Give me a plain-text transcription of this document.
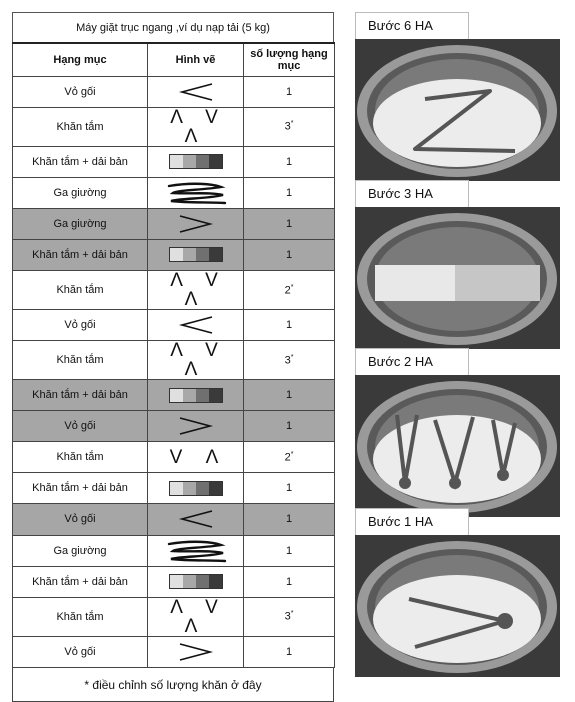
Máy giặt trục ngang ,ví dụ nạp tải (5 kg)
Hạng mục	Hình vẽ	số lượng hạng mục
Vỏ gối		1
Khăn tắm	Λ V Λ	3*
Khăn tắm + dải bản		1
Ga giường		1
Ga giường		1
Khăn tắm + dải bản		1
Khăn tắm	Λ V Λ	2*
Vỏ gối		1
Khăn tắm	Λ V Λ	3*
Khăn tắm + dải bản		1
Vỏ gối		1
Khăn tắm	V Λ	2*
Khăn tắm + dải bản		1
Vỏ gối		1
Ga giường		1
Khăn tắm + dải bản		1
Khăn tắm	Λ V Λ	3*
Vỏ gối		1
* điều chỉnh số lượng khăn ở đây
Bước 6 HA
Bước 3 HA
Bước 2 HA
Bước 1 HA
